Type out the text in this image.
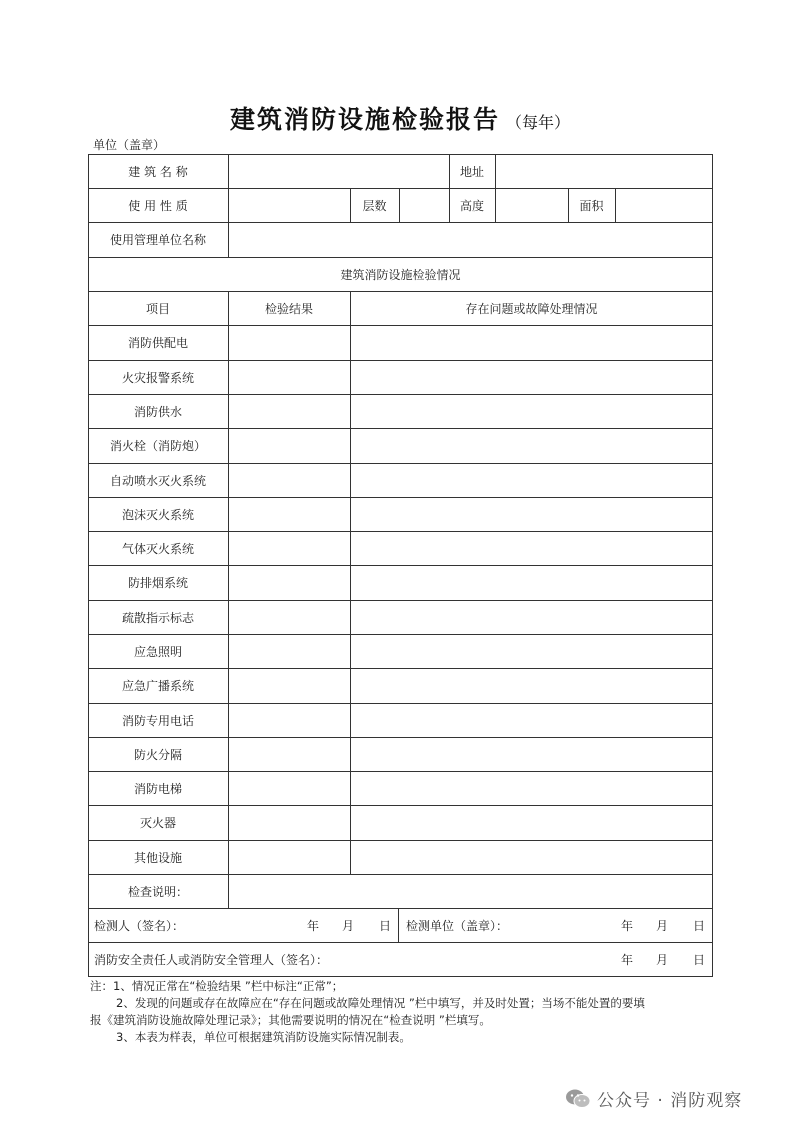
建筑消防设施检验报告 （每年）
单位（盖章）
建 筑 名 称	地址
使 用 性 质	层数	高度	面积
使用管理单位名称
建筑消防设施检验情况
项目	检验结果	存在问题或故障处理情况
消防供配电
火灾报警系统
消防供水
消火栓（消防炮）
自动喷水灭火系统
泡沫灭火系统
气体灭火系统
防排烟系统
疏散指示标志
应急照明
应急广播系统
消防专用电话
防火分隔
消防电梯
灭火器
其他设施
检查说明：
检测人（签名）：	年 月 日	检测单位（盖章）：	年 月 日
消防安全责任人或消防安全管理人（签名）：	年 月 日
注：1、情况正常在“检验结果 ”栏中标注“正常”；
2、发现的问题或存在故障应在“存在问题或故障处理情况 ”栏中填写，并及时处置；当场不能处置的要填
报《建筑消防设施故障处理记录》；其他需要说明的情况在“检查说明 ”栏填写。
3、本表为样表，单位可根据建筑消防设施实际情况制表。
公众号 · 消防观察
